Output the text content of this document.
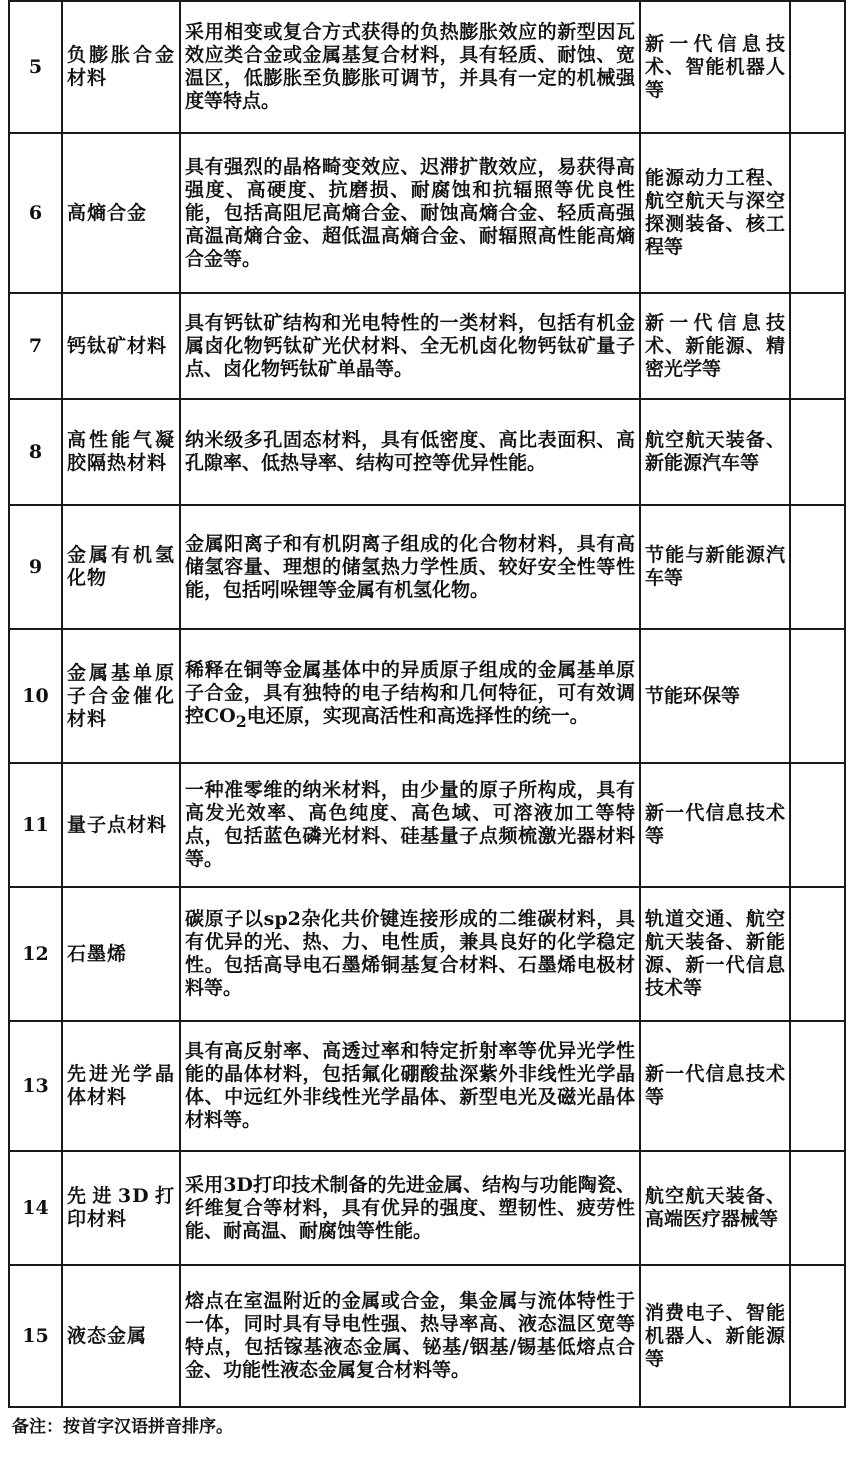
5	负膨胀合金材料	采用相变或复合方式获得的负热膨胀效应的新型因瓦效应类合金或金属基复合材料，具有轻质、耐蚀、宽温区，低膨胀至负膨胀可调节，并具有一定的机械强度等特点。	新一代信息技术、智能机器人等	
6	高熵合金	具有强烈的晶格畸变效应、迟滞扩散效应，易获得高强度、高硬度、抗磨损、耐腐蚀和抗辐照等优良性能，包括高阻尼高熵合金、耐蚀高熵合金、轻质高强高温高熵合金、超低温高熵合金、耐辐照高性能高熵合金等。	能源动力工程、航空航天与深空探测装备、核工程等	
7	钙钛矿材料	具有钙钛矿结构和光电特性的一类材料，包括有机金属卤化物钙钛矿光伏材料、全无机卤化物钙钛矿量子点、卤化物钙钛矿单晶等。	新一代信息技术、新能源、精密光学等	
8	高性能气凝胶隔热材料	纳米级多孔固态材料，具有低密度、高比表面积、高孔隙率、低热导率、结构可控等优异性能。	航空航天装备、新能源汽车等	
9	金属有机氢化物	金属阳离子和有机阴离子组成的化合物材料，具有高储氢容量、理想的储氢热力学性质、较好安全性等性能，包括吲哚锂等金属有机氢化物。	节能与新能源汽车等	
10	金属基单原子合金催化材料	稀释在铜等金属基体中的异质原子组成的金属基单原子合金，具有独特的电子结构和几何特征，可有效调控$CO_2$电还原，实现高活性和高选择性的统一。	节能环保等	
11	量子点材料	一种准零维的纳米材料，由少量的原子所构成，具有高发光效率、高色纯度、高色域、可溶液加工等特点，包括蓝色磷光材料、硅基量子点频梳激光器材料等。	新一代信息技术等	
12	石墨烯	碳原子以sp2杂化共价键连接形成的二维碳材料，具有优异的光、热、力、电性质，兼具良好的化学稳定性。包括高导电石墨烯铜基复合材料、石墨烯电极材料等。	轨道交通、航空航天装备、新能源、新一代信息技术等	
13	先进光学晶体材料	具有高反射率、高透过率和特定折射率等优异光学性能的晶体材料，包括氟化硼酸盐深紫外非线性光学晶体、中远红外非线性光学晶体、新型电光及磁光晶体材料等。	新一代信息技术等	
14	先进3D打印材料	采用3D打印技术制备的先进金属、结构与功能陶瓷、纤维复合等材料，具有优异的强度、塑韧性、疲劳性能、耐高温、耐腐蚀等性能。	航空航天装备、高端医疗器械等	
15	液态金属	熔点在室温附近的金属或合金，集金属与流体特性于一体，同时具有导电性强、热导率高、液态温区宽等特点，包括镓基液态金属、铋基/铟基/锡基低熔点合金、功能性液态金属复合材料等。	消费电子、智能机器人、新能源等	
备注：按首字汉语拼音排序。
